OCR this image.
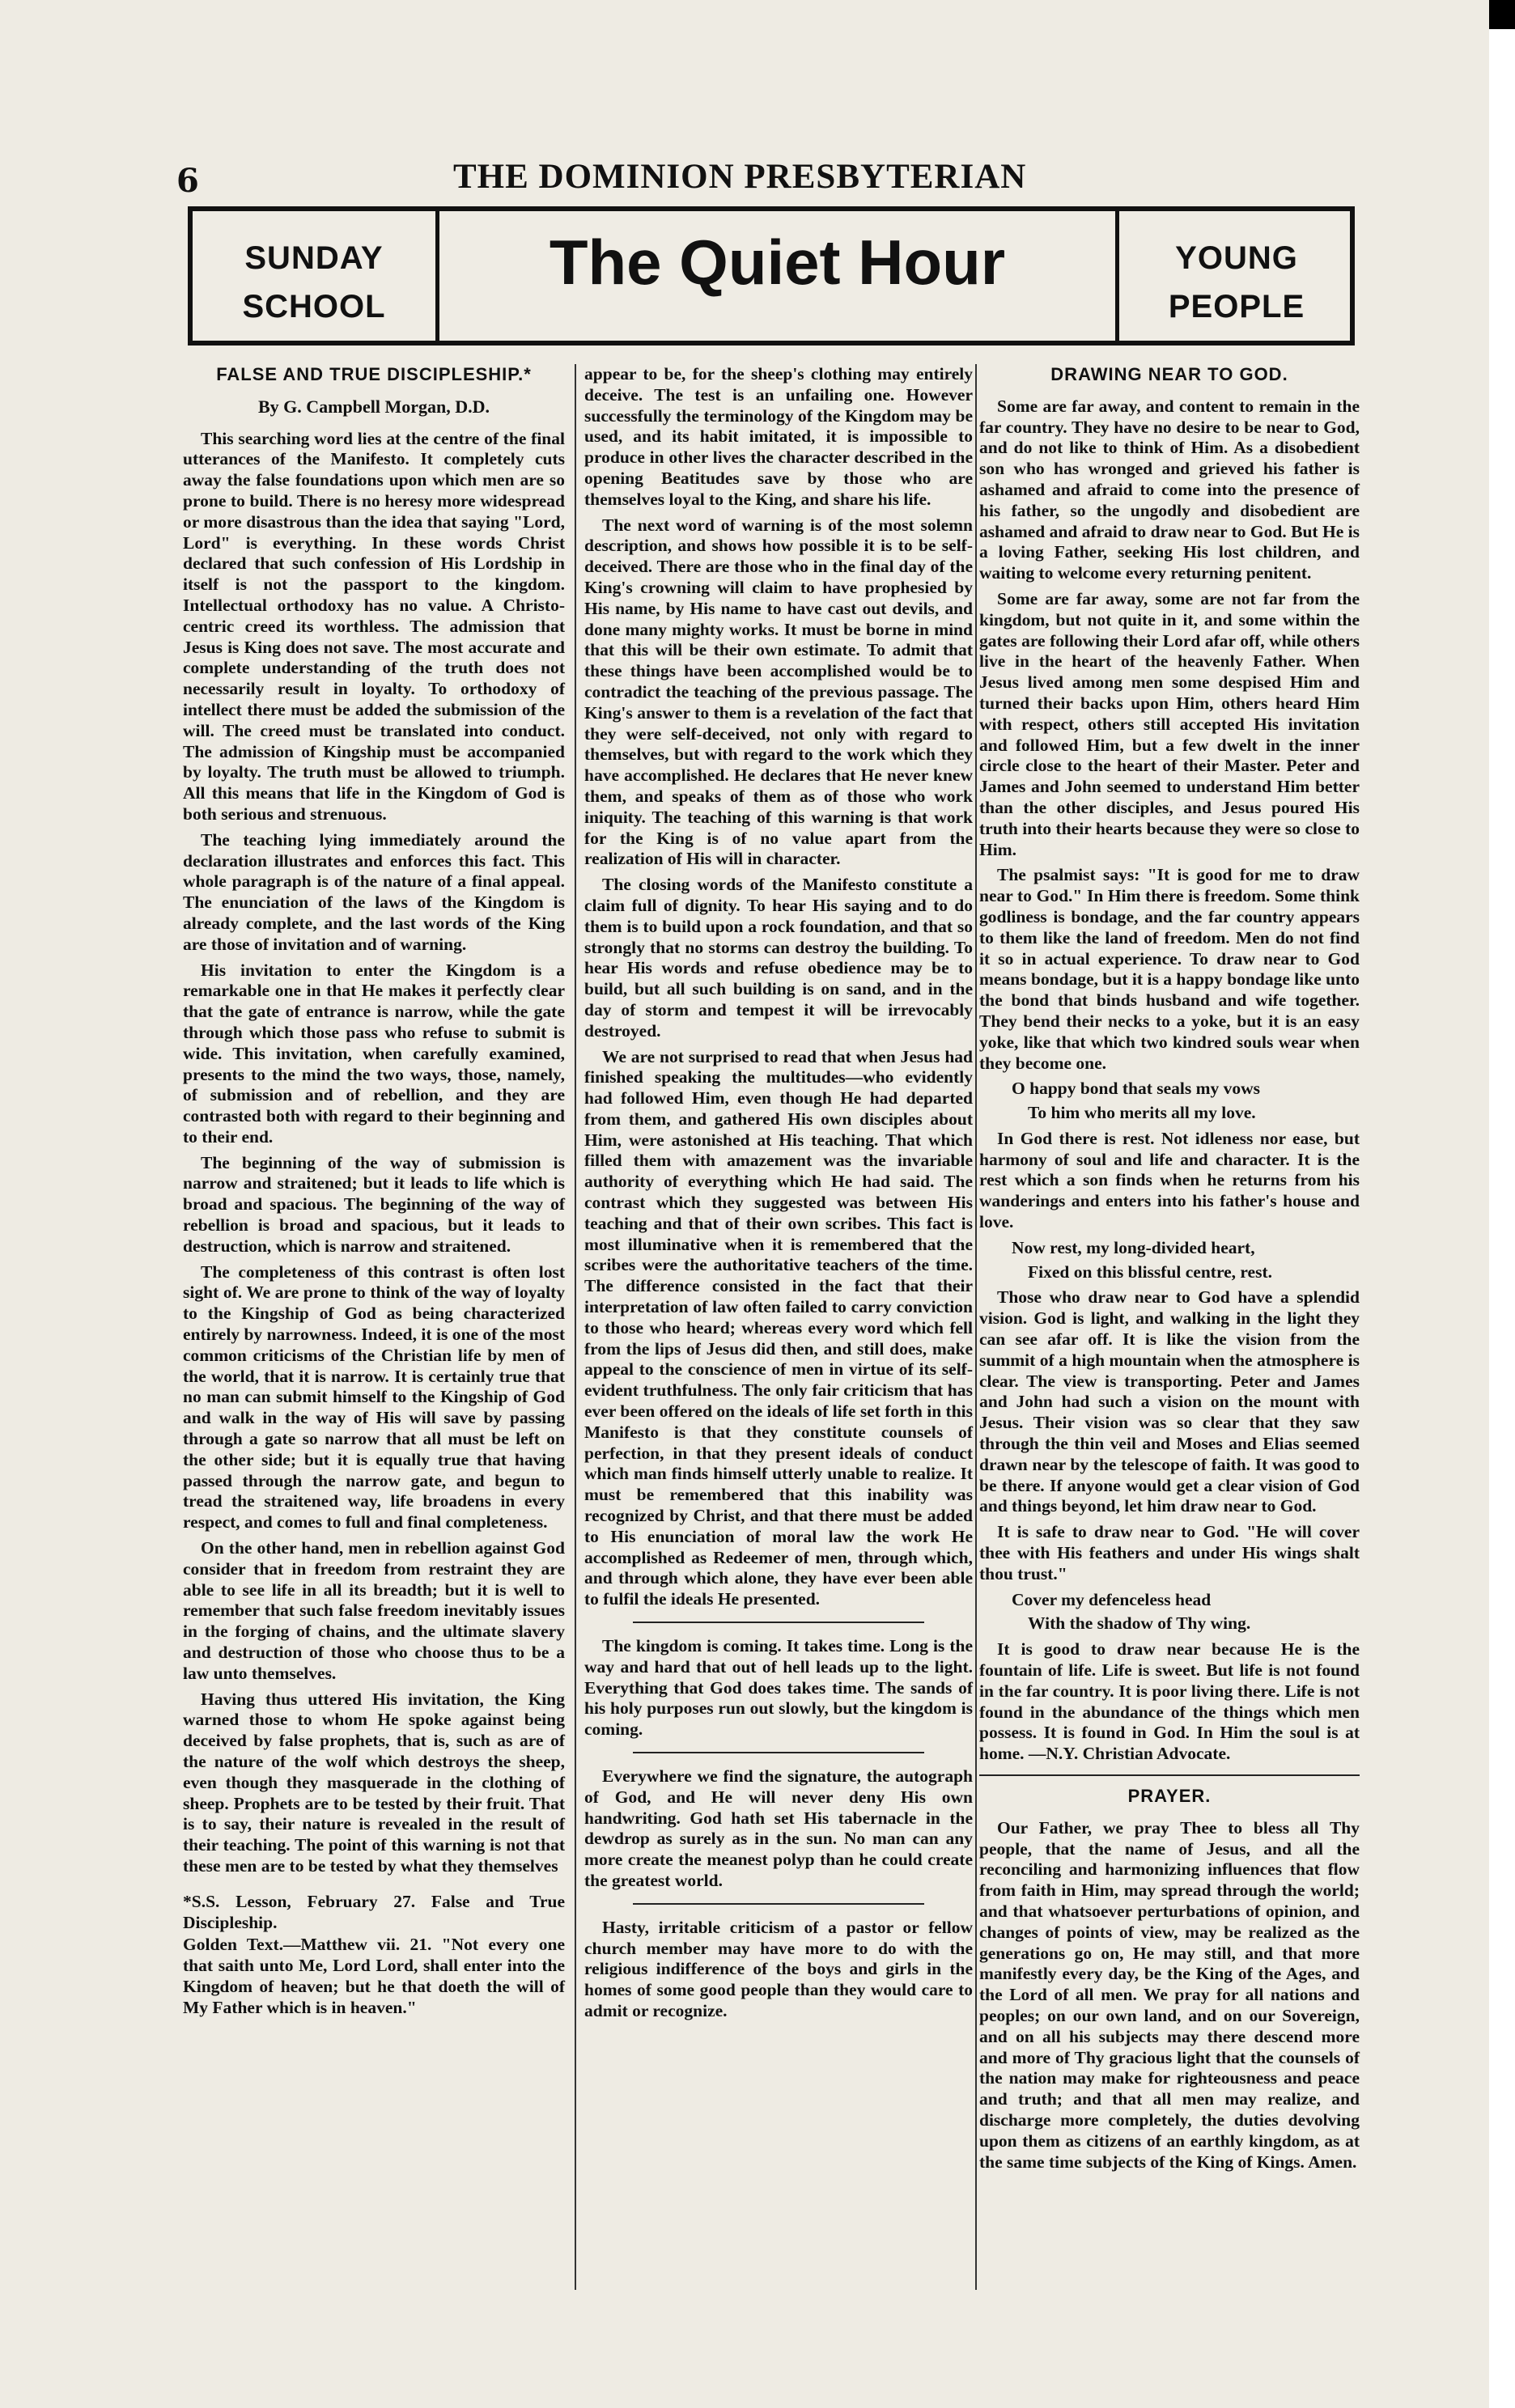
6	THE DOMINION PRESBYTERIAN
SUNDAY
SCHOOL
The Quiet Hour	YOUNG
PEOPLE
FALSE AND TRUE DISCIPLESHIP.*
By G. Campbell Morgan, D.D.

This searching word lies at the centre of the final utterances of the Manifesto. It completely cuts away the false foundations upon which men are so prone to build. There is no heresy more widespread or more disastrous than the idea that saying "Lord, Lord" is everything. In these words Christ declared that such confession of His Lordship in itself is not the passport to the kingdom. Intellectual orthodoxy has no value. A Christo-centric creed its worthless. The admission that Jesus is King does not save. The most accurate and complete understanding of the truth does not necessarily result in loyalty. To orthodoxy of intellect there must be added the submission of the will. The creed must be translated into conduct. The admission of Kingship must be accompanied by loyalty. The truth must be allowed to triumph. All this means that life in the Kingdom of God is both serious and strenuous.

The teaching lying immediately around the declaration illustrates and enforces this fact. This whole paragraph is of the nature of a final appeal. The enunciation of the laws of the Kingdom is already complete, and the last words of the King are those of invitation and of warning.

His invitation to enter the Kingdom is a remarkable one in that He makes it perfectly clear that the gate of entrance is narrow, while the gate through which those pass who refuse to submit is wide. This invitation, when carefully examined, presents to the mind the two ways, those, namely, of submission and of rebellion, and they are contrasted both with regard to their beginning and to their end.

The beginning of the way of submission is narrow and straitened; but it leads to life which is broad and spacious. The beginning of the way of rebellion is broad and spacious, but it leads to destruction, which is narrow and straitened.

The completeness of this contrast is often lost sight of. We are prone to think of the way of loyalty to the Kingship of God as being characterized entirely by narrowness. Indeed, it is one of the most common criticisms of the Christian life by men of the world, that it is narrow. It is certainly true that no man can submit himself to the Kingship of God and walk in the way of His will save by passing through a gate so narrow that all must be left on the other side; but it is equally true that having passed through the narrow gate, and begun to tread the straitened way, life broadens in every respect, and comes to full and final completeness.

On the other hand, men in rebellion against God consider that in freedom from restraint they are able to see life in all its breadth; but it is well to remember that such false freedom inevitably issues in the forging of chains, and the ultimate slavery and destruction of those who choose thus to be a law unto themselves.

Having thus uttered His invitation, the King warned those to whom He spoke against being deceived by false prophets, that is, such as are of the nature of the wolf which destroys the sheep, even though they masquerade in the clothing of sheep. Prophets are to be tested by their fruit. That is to say, their nature is revealed in the result of their teaching. The point of this warning is not that these men are to be tested by what they themselves

*S.S. Lesson, February 27. False and True Discipleship.
Golden Text.—Matthew vii. 21. "Not every one that saith unto Me, Lord Lord, shall enter into the Kingdom of heaven; but he that doeth the will of My Father which is in heaven."

appear to be, for the sheep's clothing may entirely deceive. The test is an unfailing one. However successfully the terminology of the Kingdom may be used, and its habit imitated, it is impossible to produce in other lives the character described in the opening Beatitudes save by those who are themselves loyal to the King, and share his life.

The next word of warning is of the most solemn description, and shows how possible it is to be self-deceived. There are those who in the final day of the King's crowning will claim to have prophesied by His name, by His name to have cast out devils, and done many mighty works. It must be borne in mind that this will be their own estimate. To admit that these things have been accomplished would be to contradict the teaching of the previous passage. The King's answer to them is a revelation of the fact that they were self-deceived, not only with regard to themselves, but with regard to the work which they have accomplished. He declares that He never knew them, and speaks of them as of those who work iniquity. The teaching of this warning is that work for the King is of no value apart from the realization of His will in character.

The closing words of the Manifesto constitute a claim full of dignity. To hear His saying and to do them is to build upon a rock foundation, and that so strongly that no storms can destroy the building. To hear His words and refuse obedience may be to build, but all such building is on sand, and in the day of storm and tempest it will be irrevocably destroyed.

We are not surprised to read that when Jesus had finished speaking the multitudes—who evidently had followed Him, even though He had departed from them, and gathered His own disciples about Him, were astonished at His teaching. That which filled them with amazement was the invariable authority of everything which He had said. The contrast which they suggested was between His teaching and that of their own scribes. This fact is most illuminative when it is remembered that the scribes were the authoritative teachers of the time. The difference consisted in the fact that their interpretation of law often failed to carry conviction to those who heard; whereas every word which fell from the lips of Jesus did then, and still does, make appeal to the conscience of men in virtue of its self-evident truthfulness. The only fair criticism that has ever been offered on the ideals of life set forth in this Manifesto is that they constitute counsels of perfection, in that they present ideals of conduct which man finds himself utterly unable to realize. It must be remembered that this inability was recognized by Christ, and that there must be added to His enunciation of moral law the work He accomplished as Redeemer of men, through which, and through which alone, they have ever been able to fulfil the ideals He presented.

The kingdom is coming. It takes time. Long is the way and hard that out of hell leads up to the light. Everything that God does takes time. The sands of his holy purposes run out slowly, but the kingdom is coming.

Everywhere we find the signature, the autograph of God, and He will never deny His own handwriting. God hath set His tabernacle in the dewdrop as surely as in the sun. No man can any more create the meanest polyp than he could create the greatest world.

Hasty, irritable criticism of a pastor or fellow church member may have more to do with the religious indifference of the boys and girls in the homes of some good people than they would care to admit or recognize.

DRAWING NEAR TO GOD.

Some are far away, and content to remain in the far country. They have no desire to be near to God, and do not like to think of Him. As a disobedient son who has wronged and grieved his father is ashamed and afraid to come into the presence of his father, so the ungodly and disobedient are ashamed and afraid to draw near to God. But He is a loving Father, seeking His lost children, and waiting to welcome every returning penitent.

Some are far away, some are not far from the kingdom, but not quite in it, and some within the gates are following their Lord afar off, while others live in the heart of the heavenly Father. When Jesus lived among men some despised Him and turned their backs upon Him, others heard Him with respect, others still accepted His invitation and followed Him, but a few dwelt in the inner circle close to the heart of their Master. Peter and James and John seemed to understand Him better than the other disciples, and Jesus poured His truth into their hearts because they were so close to Him.

The psalmist says: "It is good for me to draw near to God." In Him there is freedom. Some think godliness is bondage, and the far country appears to them like the land of freedom. Men do not find it so in actual experience. To draw near to God means bondage, but it is a happy bondage like unto the bond that binds husband and wife together. They bend their necks to a yoke, but it is an easy yoke, like that which two kindred souls wear when they become one.

O happy bond that seals my vows
To him who merits all my love.

In God there is rest. Not idleness nor ease, but harmony of soul and life and character. It is the rest which a son finds when he returns from his wanderings and enters into his father's house and love.

Now rest, my long-divided heart,
Fixed on this blissful centre, rest.

Those who draw near to God have a splendid vision. God is light, and walking in the light they can see afar off. It is like the vision from the summit of a high mountain when the atmosphere is clear. The view is transporting. Peter and James and John had such a vision on the mount with Jesus. Their vision was so clear that they saw through the thin veil and Moses and Elias seemed drawn near by the telescope of faith. It was good to be there. If anyone would get a clear vision of God and things beyond, let him draw near to God.

It is safe to draw near to God. "He will cover thee with His feathers and under His wings shalt thou trust."

Cover my defenceless head
With the shadow of Thy wing.

It is good to draw near because He is the fountain of life. Life is sweet. But life is not found in the far country. It is poor living there. Life is not found in the abundance of the things which men possess. It is found in God. In Him the soul is at home. —N.Y. Christian Advocate.

PRAYER.

Our Father, we pray Thee to bless all Thy people, that the name of Jesus, and all the reconciling and harmonizing influences that flow from faith in Him, may spread through the world; and that whatsoever perturbations of opinion, and changes of points of view, may be realized as the generations go on, He may still, and that more manifestly every day, be the King of the Ages, and the Lord of all men. We pray for all nations and peoples; on our own land, and on our Sovereign, and on all his subjects may there descend more and more of Thy gracious light that the counsels of the nation may make for righteousness and peace and truth; and that all men may realize, and discharge more completely, the duties devolving upon them as citizens of an earthly kingdom, as at the same time subjects of the King of Kings. Amen.
